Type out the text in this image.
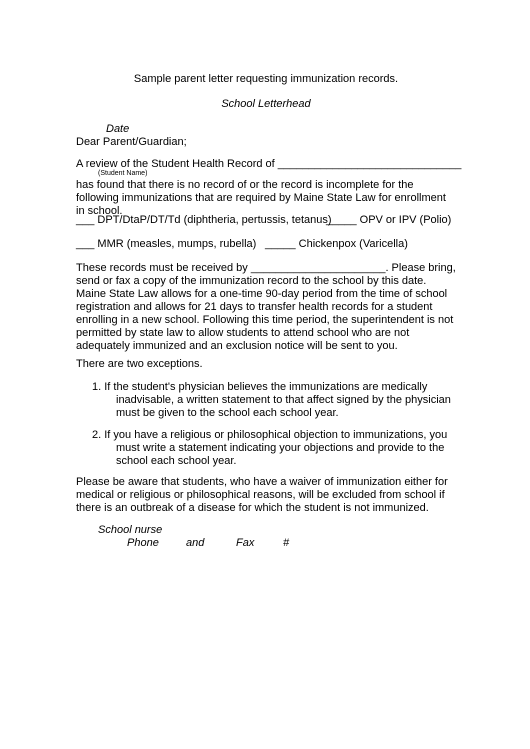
Sample parent letter requesting immunization records.
School Letterhead
Date
Dear Parent/Guardian;
A review of the Student Health Record of ______________________________
(Student Name)
has found that there is no record of or the record is incomplete for the following immunizations that are required by Maine State Law for enrollment in school.
___ DPT/DtaP/DT/Td (diphtheria, pertussis, tetanus)
_____ OPV or IPV (Polio)
___ MMR (measles, mumps, rubella) _____ Chickenpox (Varicella)
These records must be received by ______________________. Please bring, send or fax a copy of the immunization record to the school by this date. Maine State Law allows for a one-time 90-day period from the time of school registration and allows for 21 days to transfer health records for a student enrolling in a new school. Following this time period, the superintendent is not permitted by state law to allow students to attend school who are not adequately immunized and an exclusion notice will be sent to you.
There are two exceptions.
1. If the student's physician believes the immunizations are medically
inadvisable, a written statement to that affect signed by the physician must be given to the school each school year.
2. If you have a religious or philosophical objection to immunizations, you
must write a statement indicating your objections and provide to the school each school year.
Please be aware that students, who have a waiver of immunization either for medical or religious or philosophical reasons, will be excluded from school if there is an outbreak of a disease for which the student is not immunized.
School nurse
Phone and	Fax	#
